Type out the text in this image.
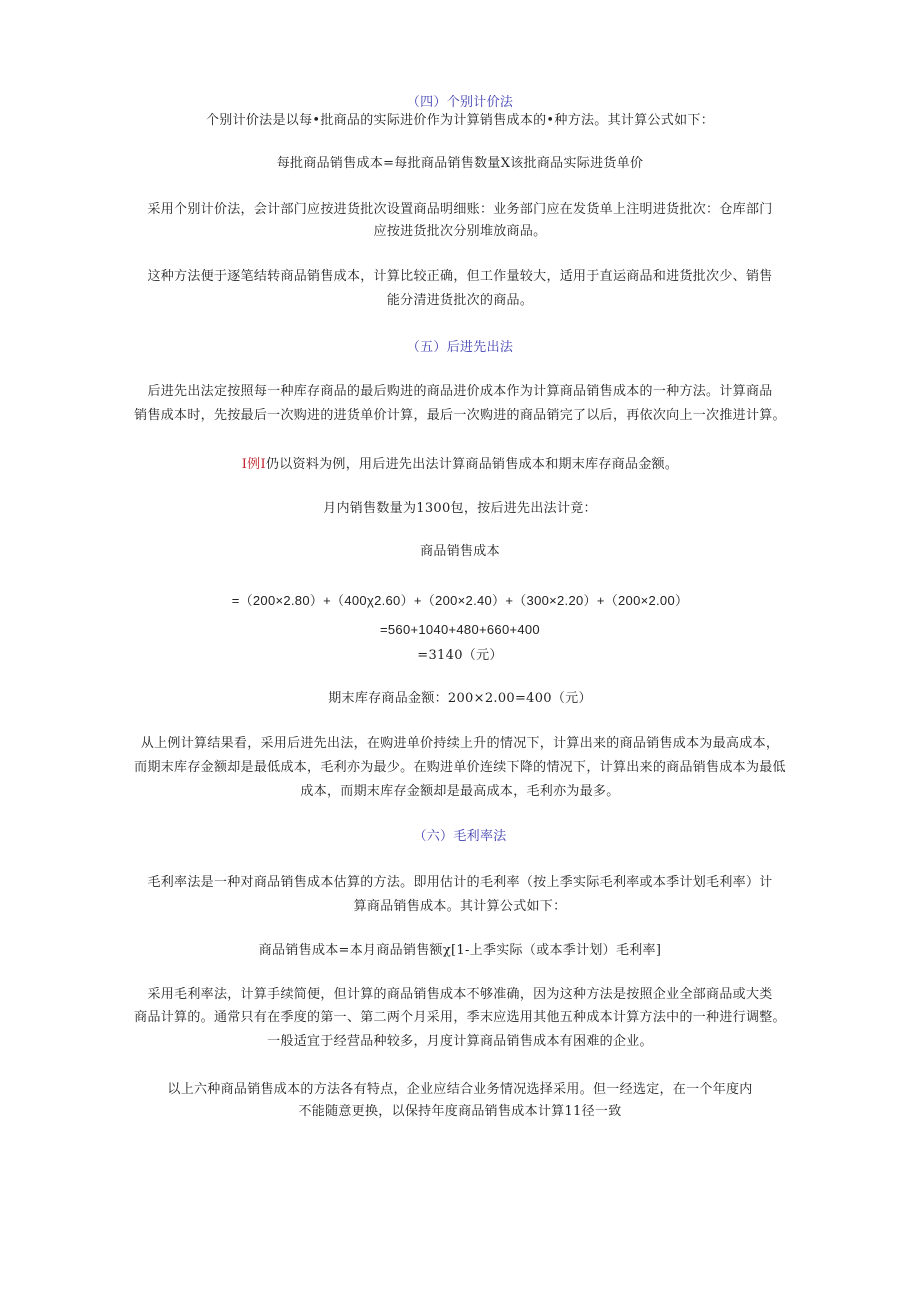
（四）个别计价法
个别计价法是以每•批商品的实际进价作为计算销售成本的•种方法。其计算公式如下：
每批商品销售成本=每批商品销售数量X该批商品实际进货单价
采用个别计价法，会计部门应按进货批次设置商品明细账：业务部门应在发货单上注明进货批次：仓库部门
应按进货批次分别堆放商品。
这种方法便于逐笔结转商品销售成本，计算比较正确，但工作量较大，适用于直运商品和进货批次少、销售
能分清进货批次的商品。
（五）后进先出法
后进先出法定按照每一种库存商品的最后购进的商品进价成本作为计算商品销售成本的一种方法。计算商品
销售成本时，先按最后一次购进的进货单价计算，最后一次购进的商品销完了以后，再依次向上一次推进计算。
I例I仍以资料为例，用后进先出法计算商品销售成本和期末库存商品金额。
月内销售数量为1300包，按后进先出法计竟：
商品销售成本
=（200×2.80）+（400χ2.60）+（200×2.40）+（300×2.20）+（200×2.00）
=560+1040+480+660+400
=3140（元）
期末库存商品金额：200×2.00=400（元）
从上例计算结果看，采用后进先出法，在购进单价持续上升的情况下，计算出来的商品销售成本为最高成本，
而期末库存金额却是最低成本，毛利亦为最少。在购进单价连续下降的情况下，计算出来的商品销售成本为最低
成本，而期末库存金额却是最高成本，毛利亦为最多。
（六）毛利率法
毛利率法是一种对商品销售成本估算的方法。即用估计的毛利率（按上季实际毛利率或本季计划毛利率）计
算商品销售成本。其计算公式如下：
商品销售成本=本月商品销售额χ[1-上季实际（或本季计划）毛利率]
采用毛利率法，计算手续简便，但计算的商品销售成本不够准确，因为这种方法是按照企业全部商品或大类
商品计算的。通常只有在季度的第一、第二两个月采用，季末应选用其他五种成本计算方法中的一种进行调整。
一般适宜于经营品种较多，月度计算商品销售成本有困难的企业。
以上六种商品销售成本的方法各有特点，企业应结合业务情况选择采用。但一经选定，在一个年度内
不能随意更换，以保持年度商品销售成本计算11径一致
